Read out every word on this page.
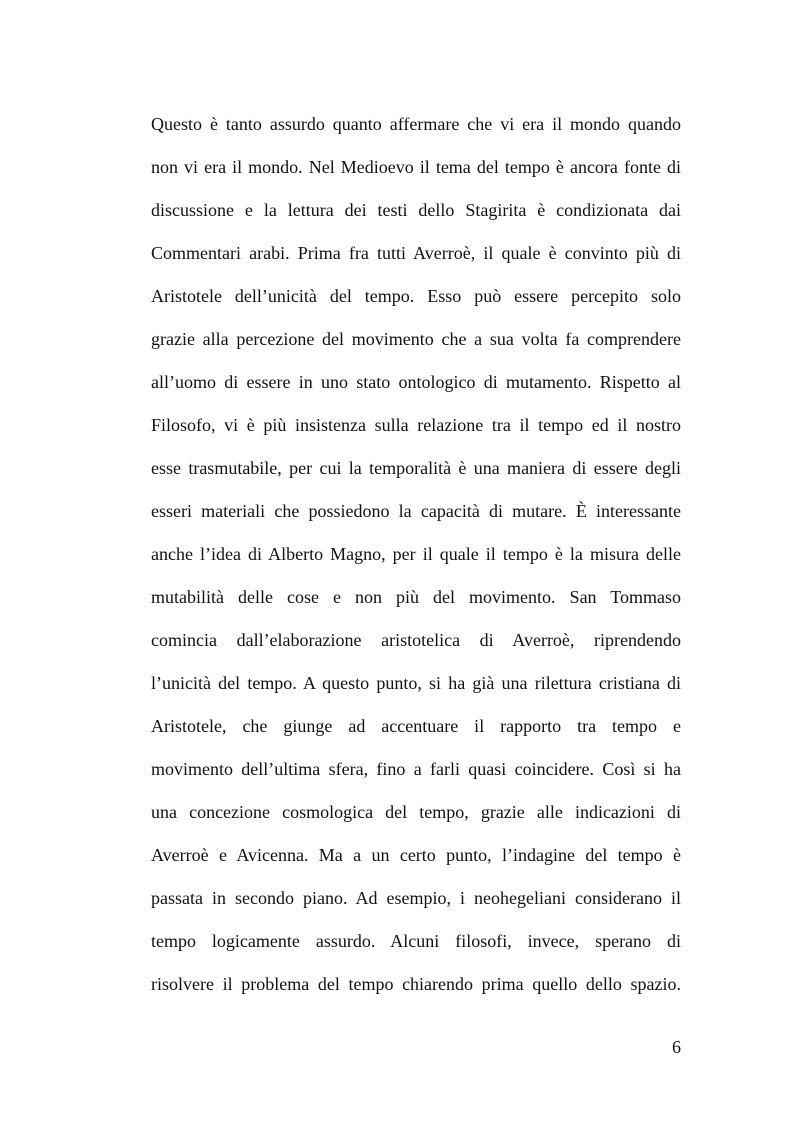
Questo è tanto assurdo quanto affermare che vi era il mondo quando
non vi era il mondo. Nel Medioevo il tema del tempo è ancora fonte di
discussione e la lettura dei testi dello Stagirita è condizionata dai
Commentari arabi. Prima fra tutti Averroè, il quale è convinto più di
Aristotele dell’unicità del tempo. Esso può essere percepito solo
grazie alla percezione del movimento che a sua volta fa comprendere
all’uomo di essere in uno stato ontologico di mutamento. Rispetto al
Filosofo, vi è più insistenza sulla relazione tra il tempo ed il nostro
esse trasmutabile, per cui la temporalità è una maniera di essere degli
esseri materiali che possiedono la capacità di mutare. È interessante
anche l’idea di Alberto Magno, per il quale il tempo è la misura delle
mutabilità delle cose e non più del movimento. San Tommaso
comincia dall’elaborazione aristotelica di Averroè, riprendendo
l’unicità del tempo. A questo punto, si ha già una rilettura cristiana di
Aristotele, che giunge ad accentuare il rapporto tra tempo e
movimento dell’ultima sfera, fino a farli quasi coincidere. Così si ha
una concezione cosmologica del tempo, grazie alle indicazioni di
Averroè e Avicenna. Ma a un certo punto, l’indagine del tempo è
passata in secondo piano. Ad esempio, i neohegeliani considerano il
tempo logicamente assurdo. Alcuni filosofi, invece, sperano di
risolvere il problema del tempo chiarendo prima quello dello spazio.
6
